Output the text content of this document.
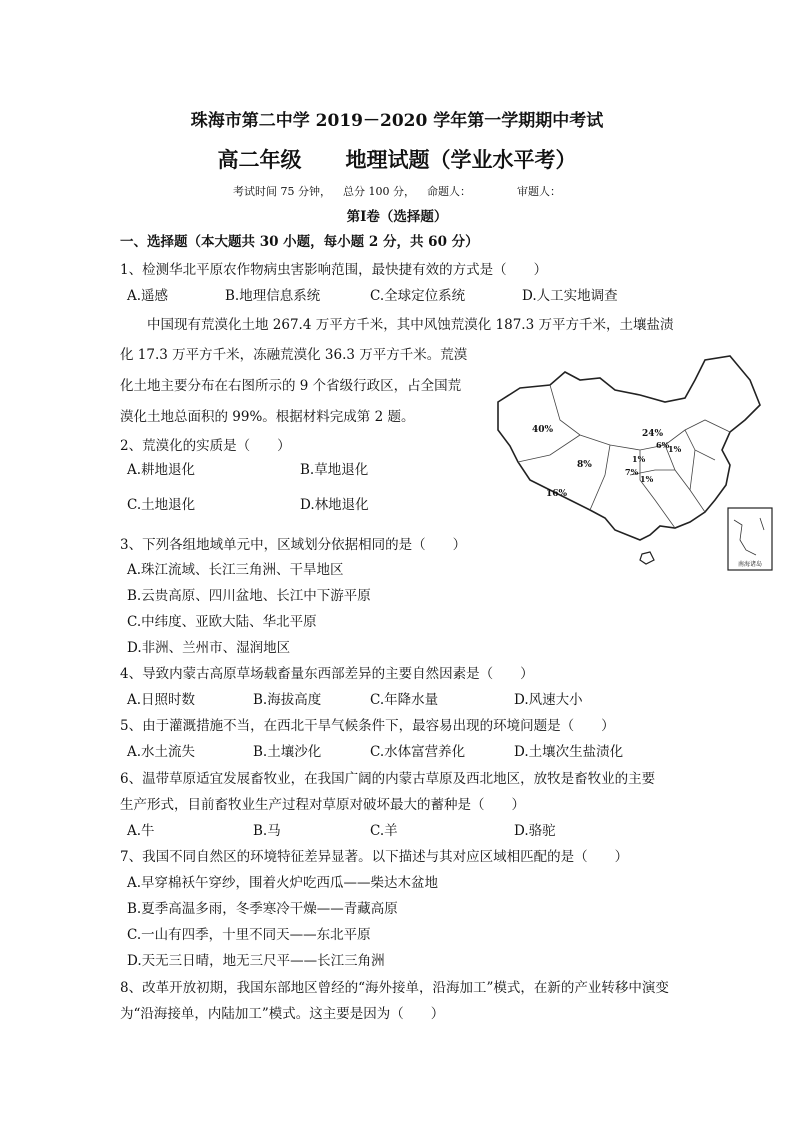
珠海市第二中学 2019－2020 学年第一学期期中考试
高二年级 地理试题（学业水平考）
考试时间 75 分钟， 总分 100 分， 命题人：	审题人：
第Ⅰ卷（选择题）
一、选择题（本大题共 30 小题，每小题 2 分，共 60 分）
1、检测华北平原农作物病虫害影响范围，最快捷有效的方式是（　　）
A.遥感	B.地理信息系统	C.全球定位系统	D.人工实地调查
中国现有荒漠化土地 267.4 万平方千米，其中风蚀荒漠化 187.3 万平方千米，土壤盐渍
化 17.3 万平方千米，冻融荒漠化 36.3 万平方千米。荒漠
化土地主要分布在右图所示的 9 个省级行政区，占全国荒
漠化土地总面积的 99%。根据材料完成第 2 题。
南海诸岛
40%	24%
8%
1%
7%
1%
16%
1%
6%
2、荒漠化的实质是（　　）
A.耕地退化	B.草地退化
C.土地退化	D.林地退化
3、下列各组地域单元中，区域划分依据相同的是（　　）
A.珠江流域、长江三角洲、干旱地区
B.云贵高原、四川盆地、长江中下游平原
C.中纬度、亚欧大陆、华北平原
D.非洲、兰州市、湿润地区
4、导致内蒙古高原草场载畜量东西部差异的主要自然因素是（　　）
A.日照时数	B.海拔高度	C.年降水量	D.风速大小
5、由于灌溉措施不当，在西北干旱气候条件下，最容易出现的环境问题是（　　）
A.水土流失	B.土壤沙化	C.水体富营养化	D.土壤次生盐渍化
6、温带草原适宜发展畜牧业，在我国广阔的内蒙古草原及西北地区，放牧是畜牧业的主要
生产形式，目前畜牧业生产过程对草原对破坏最大的蓄种是（　　）
A.牛	B.马	C.羊	D.骆驼
7、我国不同自然区的环境特征差异显著。以下描述与其对应区域相匹配的是（　　）
A.早穿棉袄午穿纱，围着火炉吃西瓜——柴达木盆地
B.夏季高温多雨，冬季寒冷干燥——青藏高原
C.一山有四季，十里不同天——东北平原
D.天无三日晴，地无三尺平——长江三角洲
8、改革开放初期，我国东部地区曾经的“海外接单，沿海加工”模式，在新的产业转移中演变
为“沿海接单，内陆加工”模式。这主要是因为（　　）
